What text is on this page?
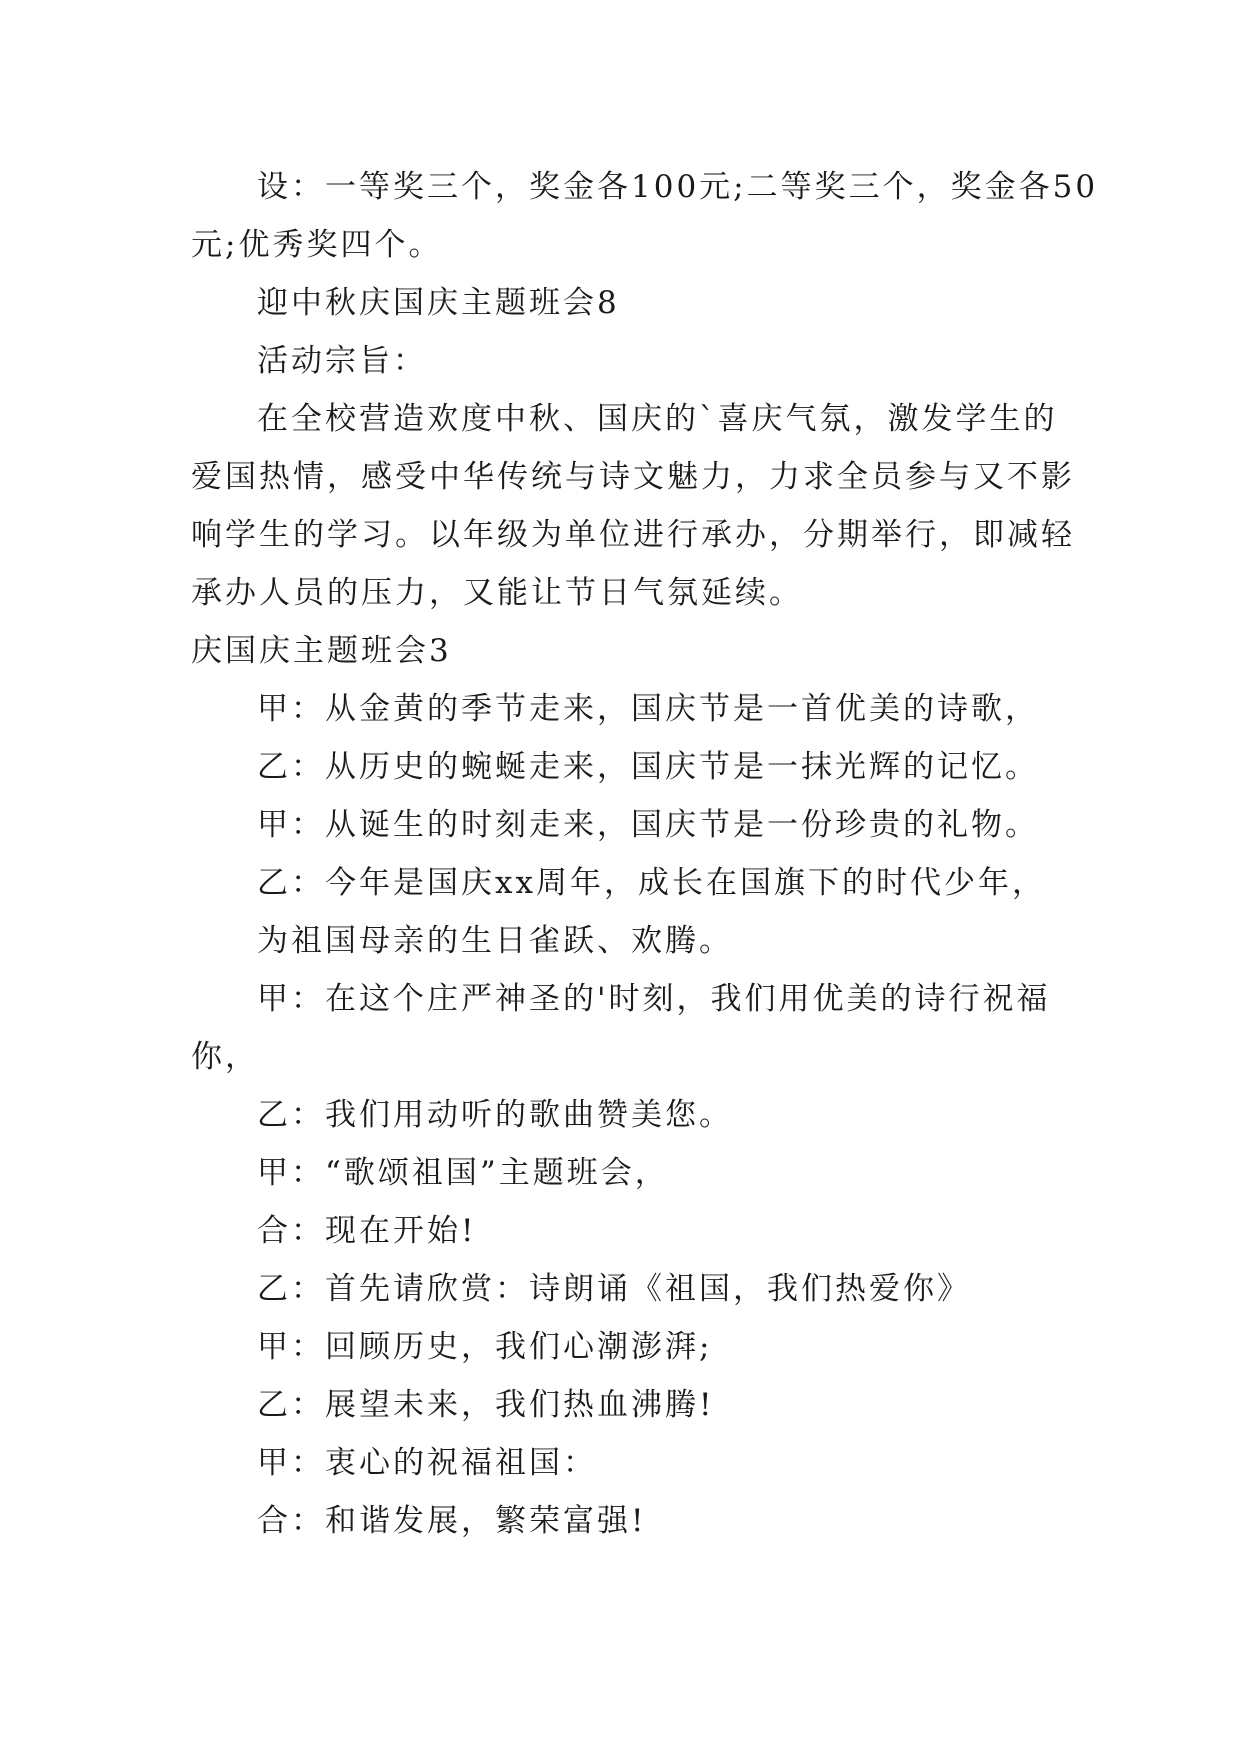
设：一等奖三个，奖金各100元;二等奖三个，奖金各50
元;优秀奖四个。
迎中秋庆国庆主题班会8
活动宗旨：
在全校营造欢度中秋、国庆的`喜庆气氛，激发学生的
爱国热情，感受中华传统与诗文魅力，力求全员参与又不影
响学生的学习。以年级为单位进行承办，分期举行，即减轻
承办人员的压力，又能让节日气氛延续。
庆国庆主题班会3
甲：从金黄的季节走来，国庆节是一首优美的诗歌，
乙：从历史的蜿蜒走来，国庆节是一抹光辉的记忆。
甲：从诞生的时刻走来，国庆节是一份珍贵的礼物。
乙：今年是国庆xx周年，成长在国旗下的时代少年，
为祖国母亲的生日雀跃、欢腾。
甲：在这个庄严神圣的'时刻，我们用优美的诗行祝福
你，
乙：我们用动听的歌曲赞美您。
甲：“歌颂祖国”主题班会，
合：现在开始!
乙：首先请欣赏：诗朗诵《祖国，我们热爱你》
甲：回顾历史，我们心潮澎湃;
乙：展望未来，我们热血沸腾!
甲：衷心的祝福祖国：
合：和谐发展，繁荣富强!
